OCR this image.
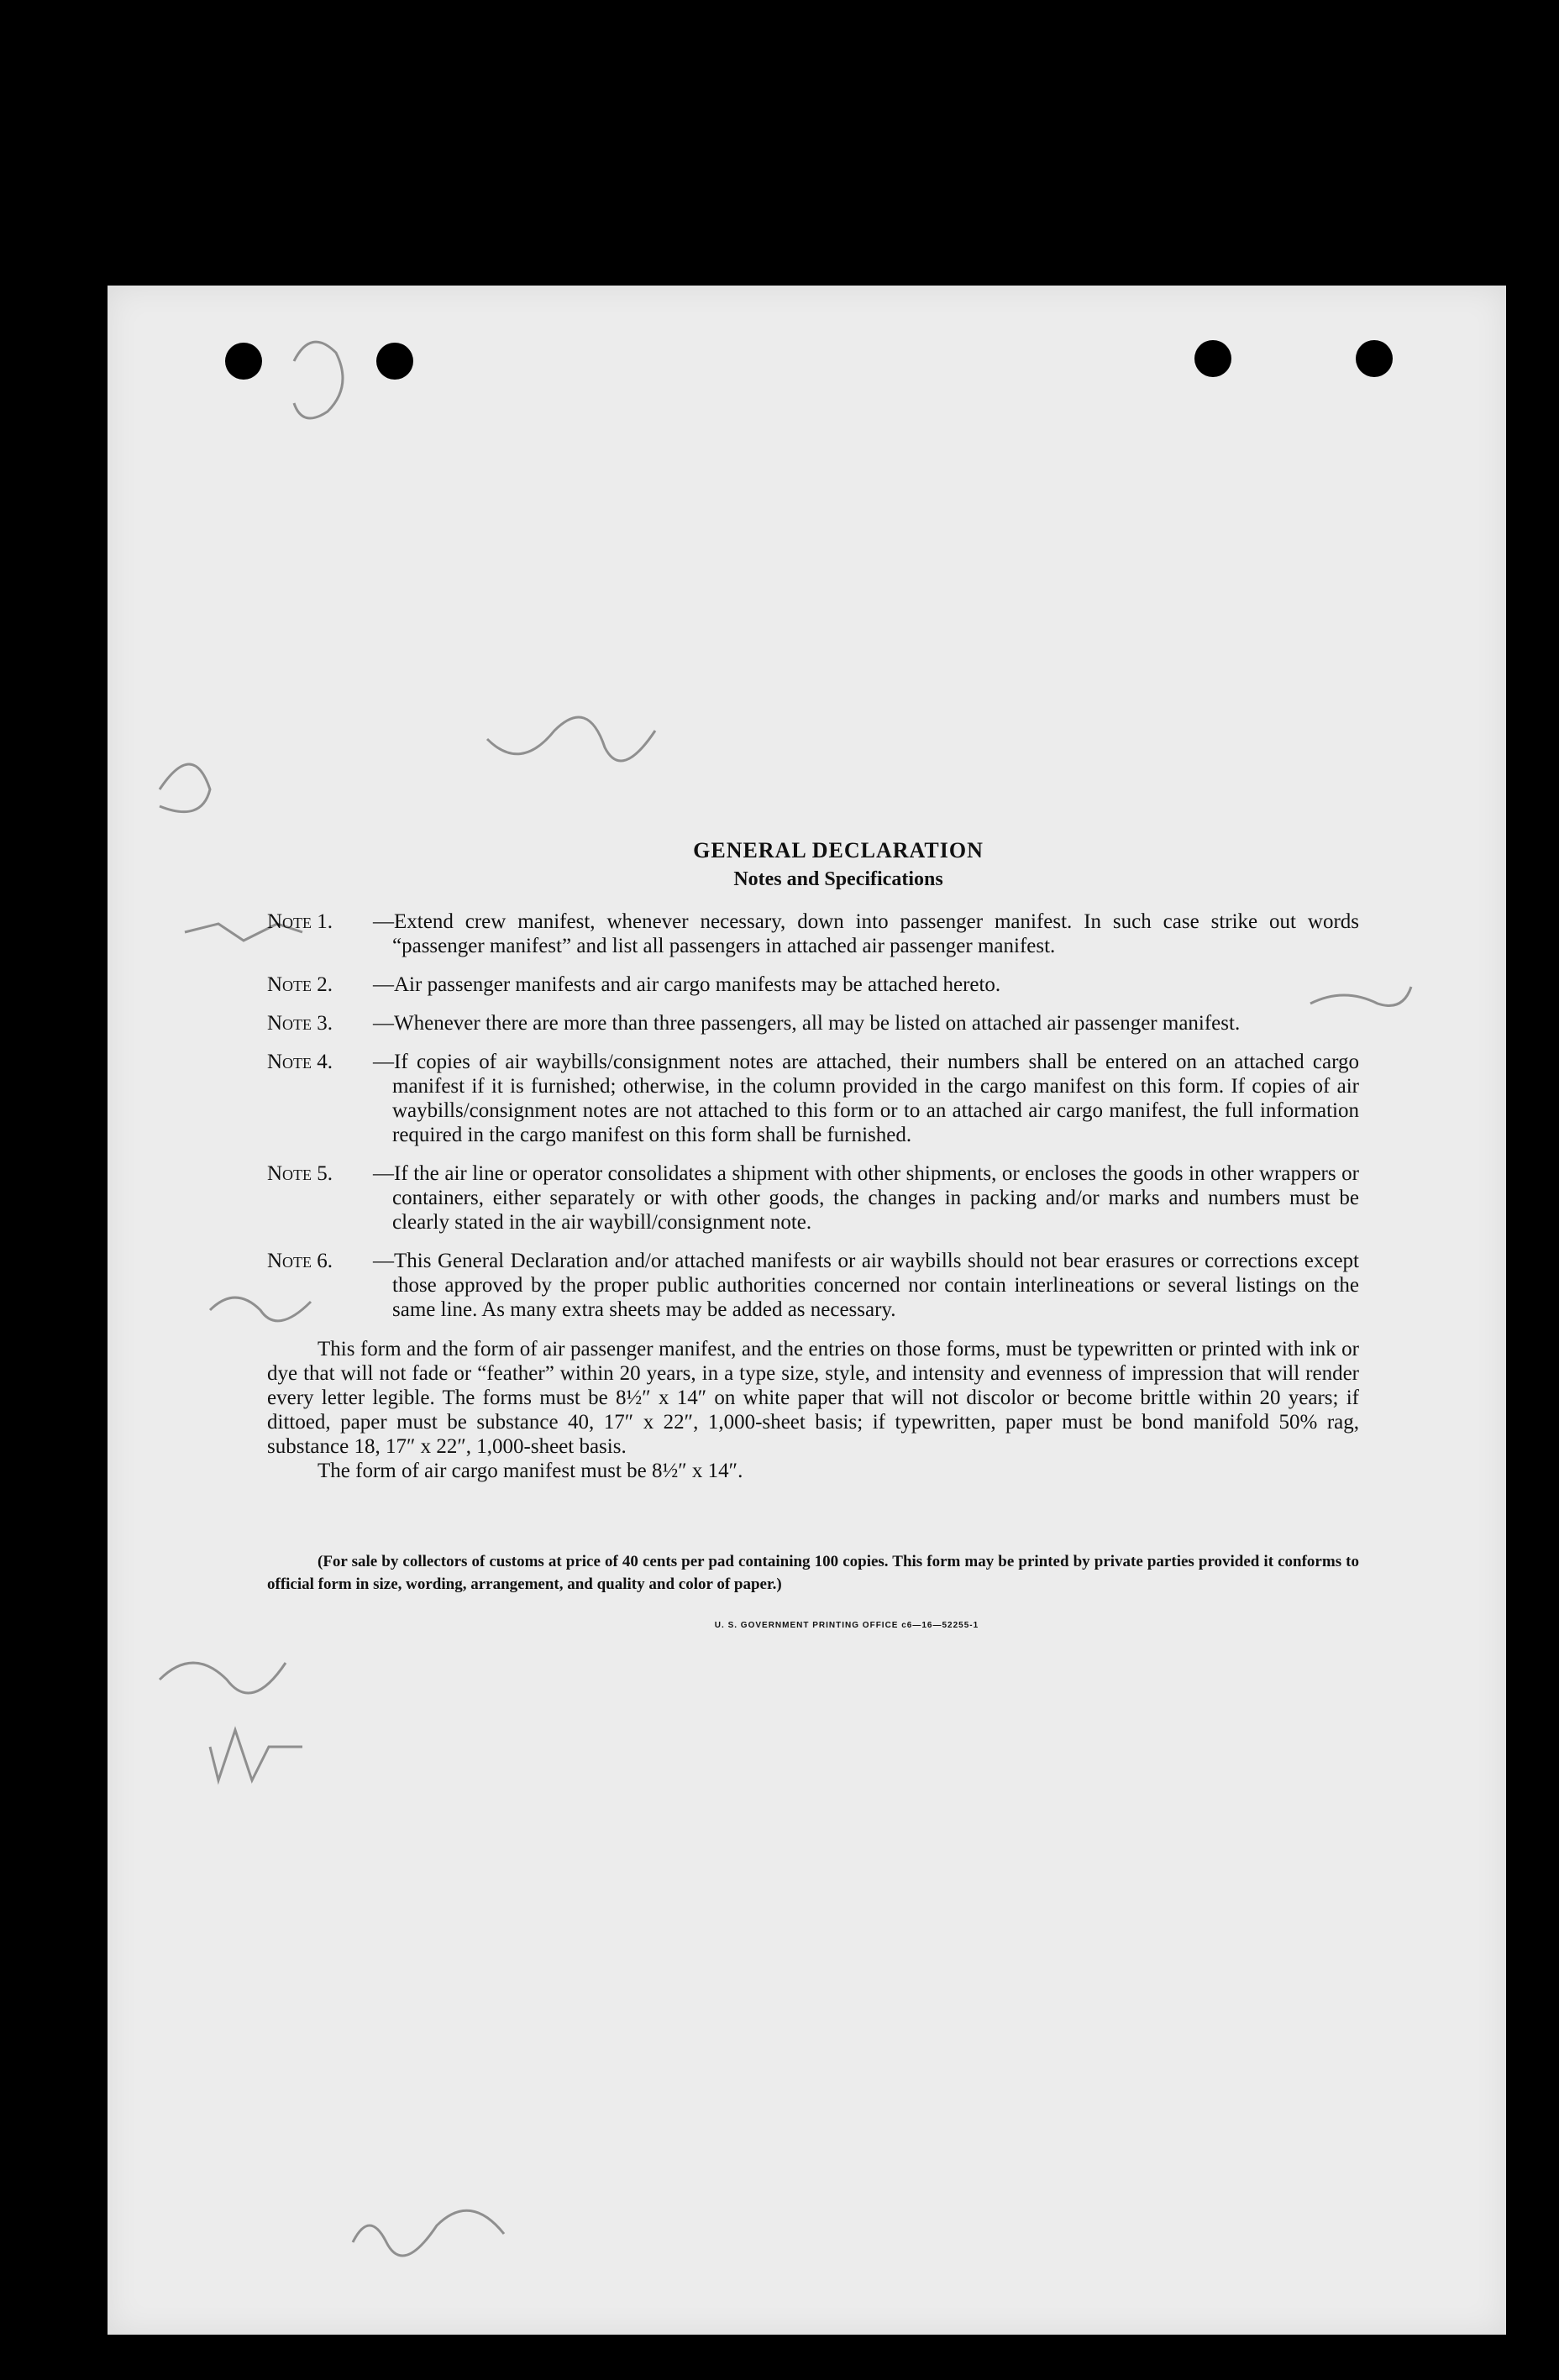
GENERAL DECLARATION
Notes and Specifications
Note 1.	—Extend crew manifest, whenever necessary, down into passenger manifest. In such case strike out words “passenger manifest” and list all passengers in attached air passenger manifest.
Note 2.	—Air passenger manifests and air cargo manifests may be attached hereto.
Note 3.	—Whenever there are more than three passengers, all may be listed on attached air passenger manifest.
Note 4.	—If copies of air waybills/consignment notes are attached, their numbers shall be entered on an attached cargo manifest if it is furnished; otherwise, in the column provided in the cargo manifest on this form. If copies of air waybills/consignment notes are not attached to this form or to an attached air cargo manifest, the full information required in the cargo manifest on this form shall be furnished.
Note 5.	—If the air line or operator consolidates a shipment with other shipments, or encloses the goods in other wrappers or containers, either separately or with other goods, the changes in packing and/or marks and numbers must be clearly stated in the air waybill/consignment note.
Note 6.	—This General Declaration and/or attached manifests or air waybills should not bear erasures or corrections except those approved by the proper public authorities concerned nor contain interlineations or several listings on the same line. As many extra sheets may be added as necessary.

This form and the form of air passenger manifest, and the entries on those forms, must be typewritten or printed with ink or dye that will not fade or “feather” within 20 years, in a type size, style, and intensity and evenness of impression that will render every letter legible. The forms must be 8½″ x 14″ on white paper that will not discolor or become brittle within 20 years; if dittoed, paper must be substance 40, 17″ x 22″, 1,000-sheet basis; if typewritten, paper must be bond manifold 50% rag, substance 18, 17″ x 22″, 1,000-sheet basis.

The form of air cargo manifest must be 8½″ x 14″.

(For sale by collectors of customs at price of 40 cents per pad containing 100 copies. This form may be printed by private parties provided it conforms to official form in size, wording, arrangement, and quality and color of paper.)
U. S. GOVERNMENT PRINTING OFFICE c6—16—52255-1
